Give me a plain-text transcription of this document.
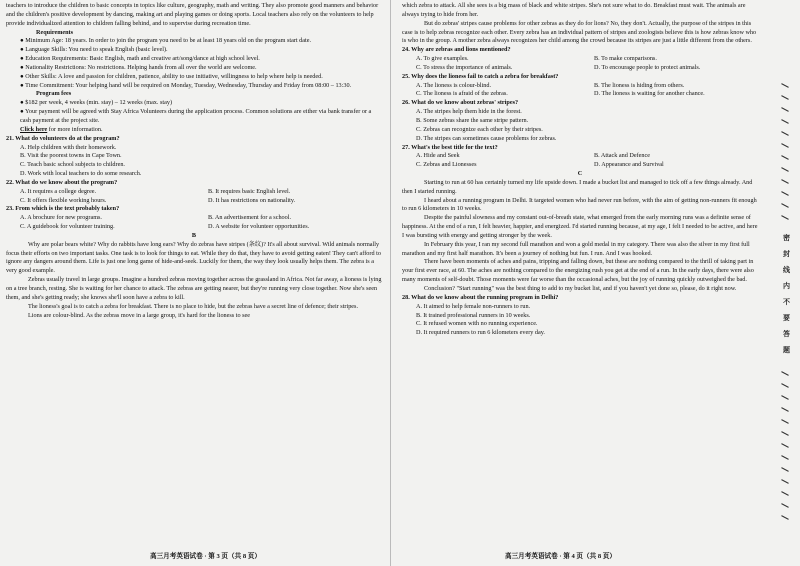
teachers to introduce the children to basic concepts in topics like culture, geography, math and writing. They also promote good manners and behavior and the children's positive development by dancing, making art and playing games or doing sports. Local teachers also rely on the volunteers to help provide individualized attention to children falling behind, and to supervise during recreation time.

Requirements

● Minimum Age: 18 years. In order to join the program you need to be at least 18 years old on the program start date.

● Language Skills: You need to speak English (basic level).

● Education Requirements: Basic English, math and creative art/song/dance at high school level.

● Nationality Restrictions: No restrictions. Helping hands from all over the world are welcome.

● Other Skills: A love and passion for children, patience, ability to use initiative, willingness to help where help is needed.

● Time Commitment: Your helping hand will be required on Monday, Tuesday, Wednesday, Thursday and Friday from 08:00 – 13:30.

Program fees

● $182 per week, 4 weeks (min. stay) – 12 weeks (max. stay)

● Your payment will be agreed with Stay Africa Volunteers during the application process. Common solutions are either via bank transfer or a cash payment at the project site.

Click here for more information.

21. What do volunteers do at the program?

A. Help children with their homework.

B. Visit the poorest towns in Cape Town.

C. Teach basic school subjects to children.

D. Work with local teachers to do some research.

22. What do we know about the program?

A. It requires a college degree.	B. It requires basic English level.
C. It offers flexible working hours.	D. It has restrictions on nationality.

23. From which is the text probably taken?

A. A brochure for new programs.	B. An advertisement for a school.
C. A guidebook for volunteer training.	D. A website for volunteer opportunities.

B

Why are polar bears white? Why do rabbits have long ears? Why do zebras have stripes (条纹)? It's all about survival. Wild animals normally focus their efforts on two important tasks. One task is to look for things to eat. While they do that, they have to avoid getting eaten! They can't afford to ignore any dangers around them. Life is just one long game of hide-and-seek. Luckily for them, the way they look usually helps them. The zebra is a very good example.

Zebras usually travel in large groups. Imagine a hundred zebras moving together across the grassland in Africa. Not far away, a lioness is lying on a tree branch, resting. She is waiting for her chance to attack. The zebras are getting nearer, but they're running very close together. Now she's seen them, and she's getting ready; she knows she'll soon have a zebra to kill.

The lioness's goal is to catch a zebra for breakfast. There is no place to hide, but the zebras have a secret line of defence; their stripes.

Lions are colour-blind. As the zebras move in a large group, it's hard for the lioness to see

which zebra to attack. All she sees is a big mass of black and white stripes. She's not sure what to do. Breakfast must wait. The animals are always trying to hide from her.

But do zebras' stripes cause problems for other zebras as they do for lions? No, they don't. Actually, the purpose of the stripes in this case is to help zebras recognize each other. Every zebra has an individual pattern of stripes and zoologists believe this is how zebras know who is who in the group. A mother zebra always recognizes her child among the crowd because its stripes are just a little different from the others.

24. Why are zebras and lions mentioned?

A. To give examples.	B. To make comparisons.
C. To stress the importance of animals.	D. To encourage people to protect animals.

25. Why does the lioness fail to catch a zebra for breakfast?

A. The lioness is colour-blind.	B. The lioness is hiding from others.
C. The lioness is afraid of the zebras.	D. The lioness is waiting for another chance.

26. What do we know about zebras' stripes?

A. The stripes help them hide in the forest.

B. Some zebras share the same stripe pattern.

C. Zebras can recognize each other by their stripes.

D. The stripes can sometimes cause problems for zebras.

27. What's the best title for the text?

A. Hide and Seek	B. Attack and Defence
C. Zebras and Lionesses	D. Appearance and Survival

C

Starting to run at 60 has certainly turned my life upside down. I made a bucket list and managed to tick off a few things already. And then I started running.

I heard about a running program in Delhi. It targeted women who had never run before, with the aim of getting non-runners fit enough to run 6 kilometers in 10 weeks.

Despite the painful slowness and my constant out-of-breath state, what emerged from the early morning runs was a definite sense of happiness. At the end of a run, I felt heavier, happier, and energized. I'd started running because, at my age, I felt I needed to be active, and here I was bursting with energy and getting stronger by the week.

In February this year, I ran my second full marathon and won a gold medal in my category. There was also the silver in my first full marathon and my first half marathon. It's been a journey of nothing but fun. I run. And I was hooked.

There have been moments of aches and pains, tripping and falling down, but these are nothing compared to the thrill of taking part in your first ever race, at 60. The aches are nothing compared to the energizing rush you get at the end of a run. In the early days, there were also many moments of self-doubt. Those moments were far worse than the occasional aches, but the joy of running quickly outweighed the bad.

Conclusion? "Start running" was the best thing to add to my bucket list, and if you haven't yet done so, please, do it right now.

28. What do we know about the running program in Delhi?

A. It aimed to help female non-runners to run.

B. It trained professional runners in 10 weeks.

C. It refused women with no running experience.

D. It required runners to run 6 kilometers every day.

高三月考英语试卷 · 第 3 页（共 8 页）	高三月考英语试卷 · 第 4 页（共 8 页）
密封线内不要答题
